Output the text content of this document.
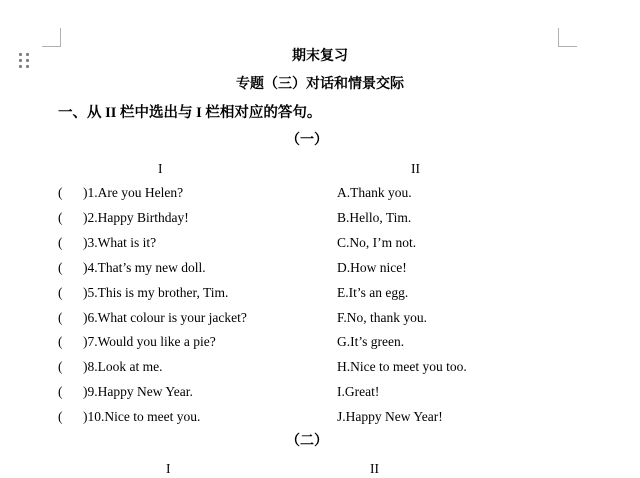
期末复习
专题（三）对话和情景交际
一、从 II 栏中选出与 I 栏相对应的答句。
（一）
I	II
( )1.Are you Helen?	A.Thank you.
( )2.Happy Birthday!	B.Hello, Tim.
( )3.What is it?	C.No, I’m not.
( )4.That’s my new doll.	D.How nice!
( )5.This is my brother, Tim.	E.It’s an egg.
( )6.What colour is your jacket?	F.No, thank you.
( )7.Would you like a pie?	G.It’s green.
( )8.Look at me.	H.Nice to meet you too.
( )9.Happy New Year.	I.Great!
( )10.Nice to meet you.	J.Happy New Year!
（二）
I	II
